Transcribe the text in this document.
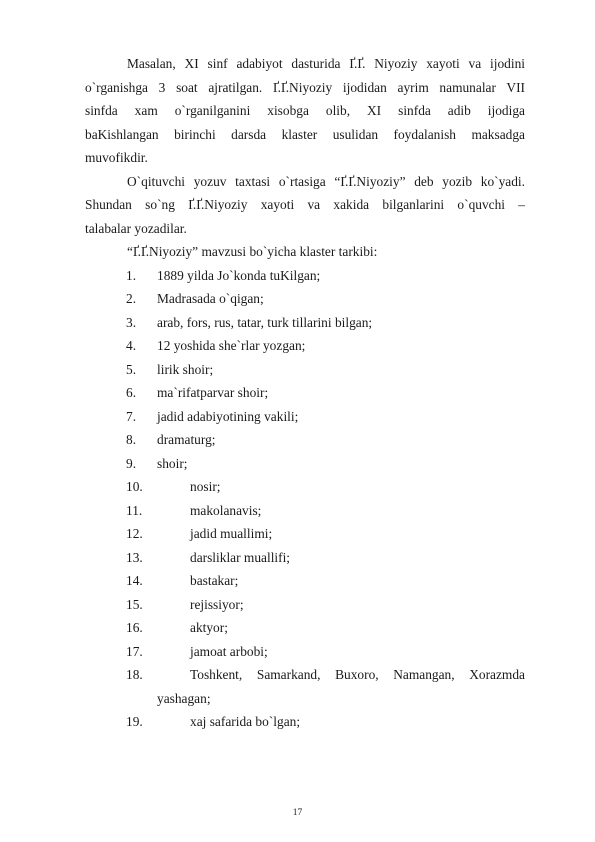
Masalan, XI sinf adabiyot dasturida Ґ.Ґ. Niyoziy xayoti va ijodini

o`rganishga 3 soat ajratilgan. Ґ.Ґ.Niyoziy ijodidan ayrim namunalar VII

sinfda xam o`rganilganini xisobga olib, XI sinfda adib ijodiga

baKishlangan birinchi darsda klaster usulidan foydalanish maksadga

muvofikdir.

O`qituvchi yozuv taxtasi o`rtasiga “Ґ.Ґ.Niyoziy” deb yozib ko`yadi.

Shundan so`ng Ґ.Ґ.Niyoziy xayoti va xakida bilganlarini o`quvchi –

talabalar yozadilar.

“Ґ.Ґ.Niyoziy” mavzusi bo`yicha klaster tarkibi:

1.	1889 yilda Jo`konda tuKilgan;
2.	Madrasada o`qigan;
3.	arab, fors, rus, tatar, turk tillarini bilgan;
4.	12 yoshida she`rlar yozgan;
5.	lirik shoir;
6.	ma`rifatparvar shoir;
7.	jadid adabiyotining vakili;
8.	dramaturg;
9.	shoir;
10.	nosir;
11.	makolanavis;
12.	jadid muallimi;
13.	darsliklar muallifi;
14.	bastakar;
15.	rejissiyor;
16.	aktyor;
17.	jamoat arbobi;
18.	Toshkent, Samarkand, Buxoro, Namangan, Xorazmda
yashagan;
19.	xaj safarida bo`lgan;
17
